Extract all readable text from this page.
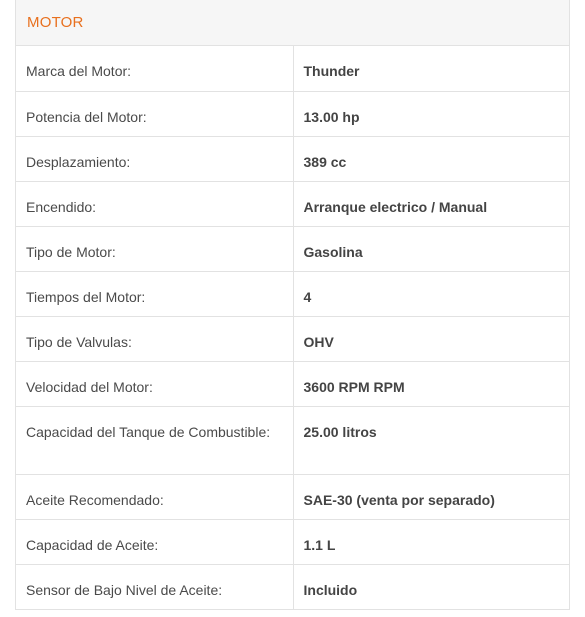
MOTOR
Marca del Motor:	Thunder
Potencia del Motor:	13.00 hp
Desplazamiento:	389 cc
Encendido:	Arranque electrico / Manual
Tipo de Motor:	Gasolina
Tiempos del Motor:	4
Tipo de Valvulas:	OHV
Velocidad del Motor:	3600 RPM RPM
Capacidad del Tanque de Combustible:	25.00 litros
Aceite Recomendado:	SAE-30 (venta por separado)
Capacidad de Aceite:	1.1 L
Sensor de Bajo Nivel de Aceite:	Incluido
